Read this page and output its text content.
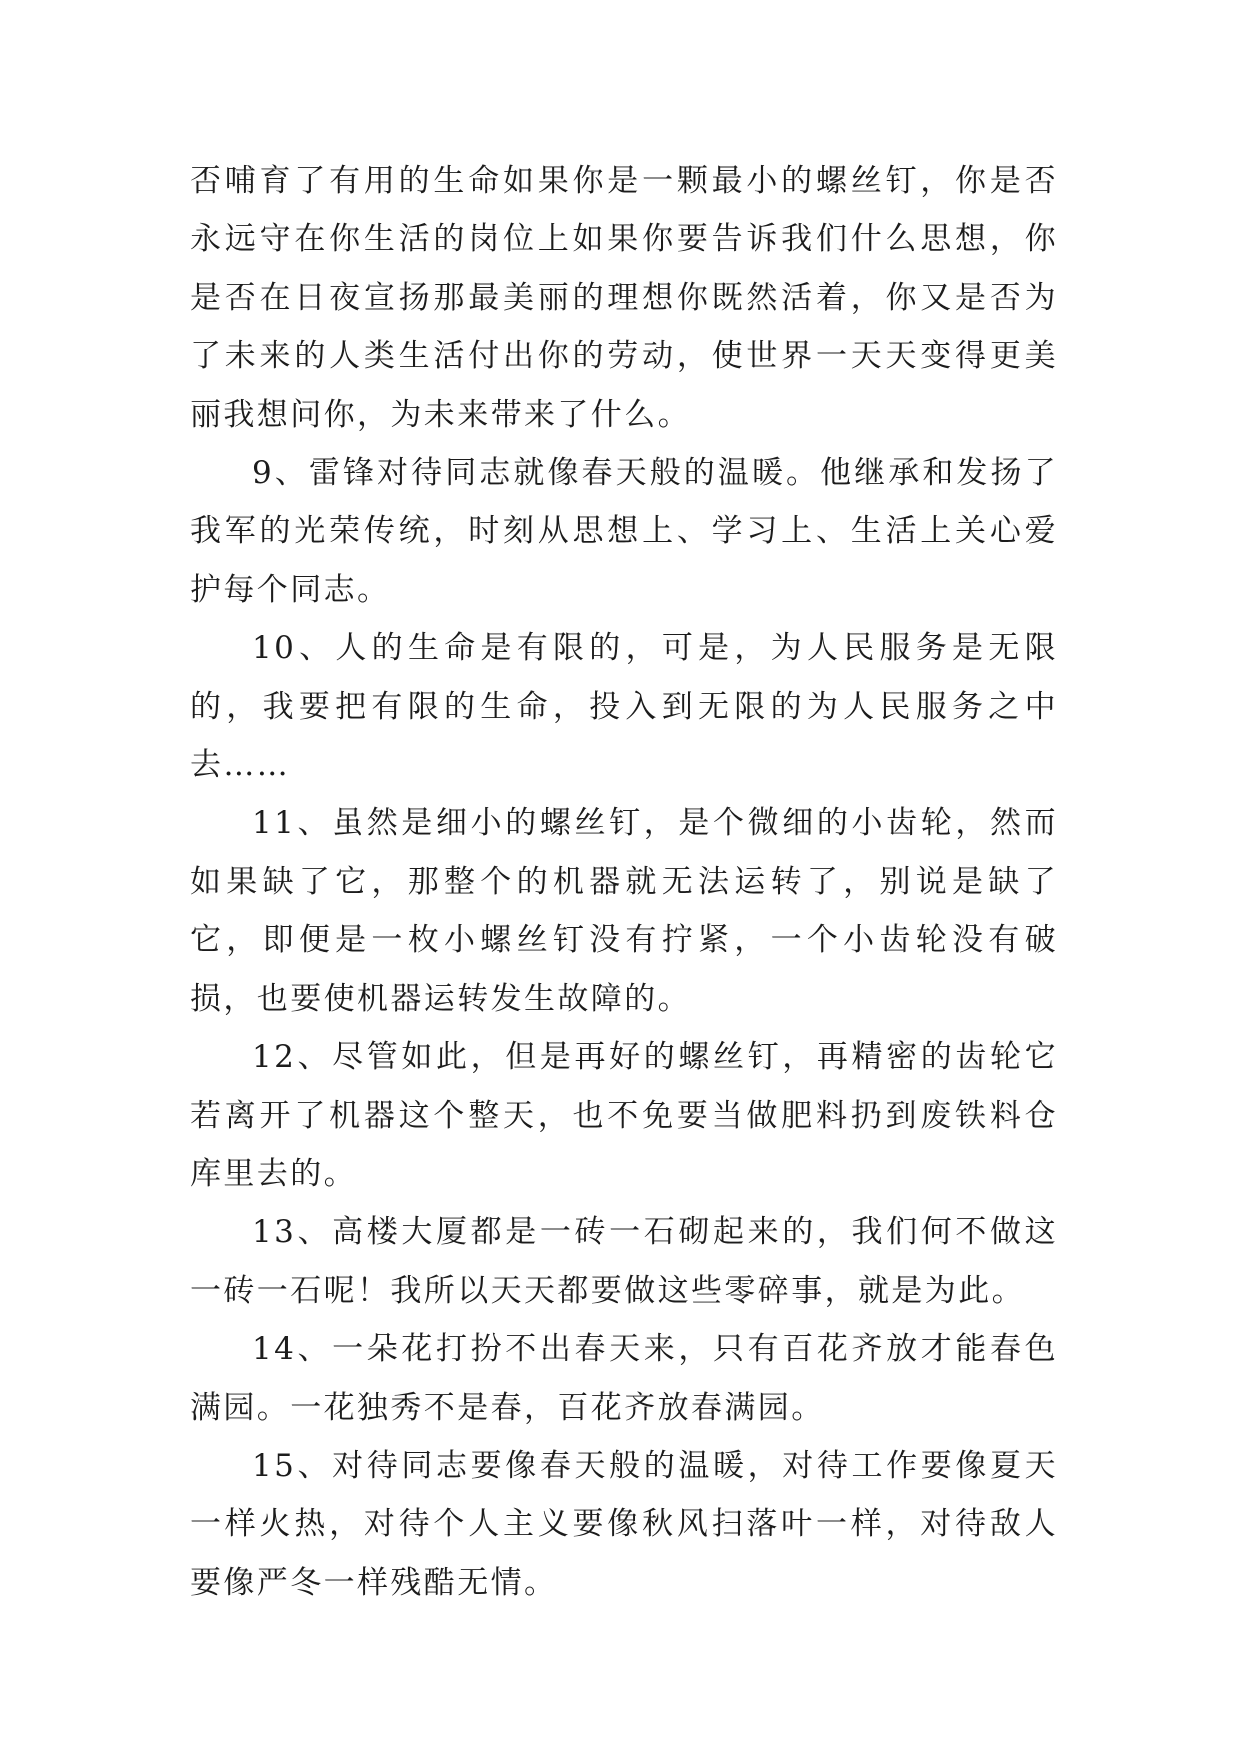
否哺育了有用的生命如果你是一颗最小的螺丝钉，你是否永远守在你生活的岗位上如果你要告诉我们什么思想，你是否在日夜宣扬那最美丽的理想你既然活着，你又是否为了未来的人类生活付出你的劳动，使世界一天天变得更美丽我想问你，为未来带来了什么。

9、雷锋对待同志就像春天般的温暖。他继承和发扬了我军的光荣传统，时刻从思想上、学习上、生活上关心爱护每个同志。

10、人的生命是有限的，可是，为人民服务是无限的，我要把有限的生命，投入到无限的为人民服务之中去……

11、虽然是细小的螺丝钉，是个微细的小齿轮，然而如果缺了它，那整个的机器就无法运转了，别说是缺了它，即便是一枚小螺丝钉没有拧紧，一个小齿轮没有破损，也要使机器运转发生故障的。

12、尽管如此，但是再好的螺丝钉，再精密的齿轮它若离开了机器这个整天，也不免要当做肥料扔到废铁料仓库里去的。

13、高楼大厦都是一砖一石砌起来的，我们何不做这一砖一石呢！我所以天天都要做这些零碎事，就是为此。

14、一朵花打扮不出春天来，只有百花齐放才能春色满园。一花独秀不是春，百花齐放春满园。

15、对待同志要像春天般的温暖，对待工作要像夏天一样火热，对待个人主义要像秋风扫落叶一样，对待敌人要像严冬一样残酷无情。
